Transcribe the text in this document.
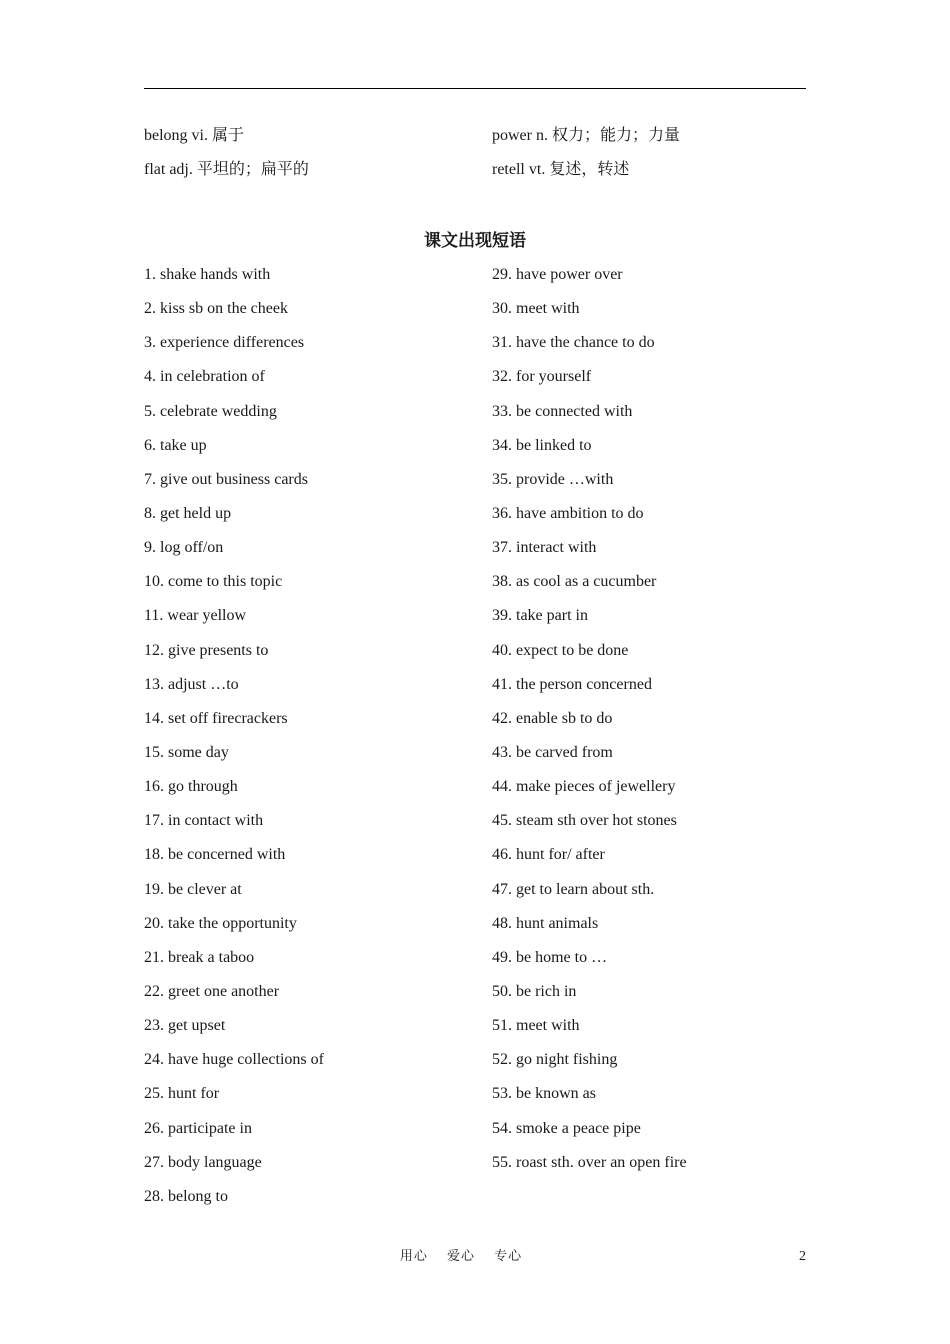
belong vi. 属于	power n. 权力；能力；力量
flat adj. 平坦的；扁平的	retell vt. 复述，转述
课文出现短语
1. shake hands with
2. kiss sb on the cheek
3. experience differences
4. in celebration of
5. celebrate wedding
6. take up
7. give out business cards
8. get held up
9. log off/on
10. come to this topic
11. wear yellow
12. give presents to
13. adjust …to
14. set off firecrackers
15. some day
16. go through
17. in contact with
18. be concerned with
19. be clever at
20. take the opportunity
21. break a taboo
22. greet one another
23. get upset
24. have huge collections of
25. hunt for
26. participate in
27. body language
28. belong to
29. have power over
30. meet with
31. have the chance to do
32. for yourself
33. be connected with
34. be linked to
35. provide …with
36. have ambition to do
37. interact with
38. as cool as a cucumber
39. take part in
40. expect to be done
41. the person concerned
42. enable sb to do
43. be carved from
44. make pieces of jewellery
45. steam sth over hot stones
46. hunt for/ after
47. get to learn about sth.
48. hunt animals
49. be home to …
50. be rich in
51. meet with
52. go night fishing
53. be known as
54. smoke a peace pipe
55. roast sth. over an open fire
用心 爱心 专心	2
